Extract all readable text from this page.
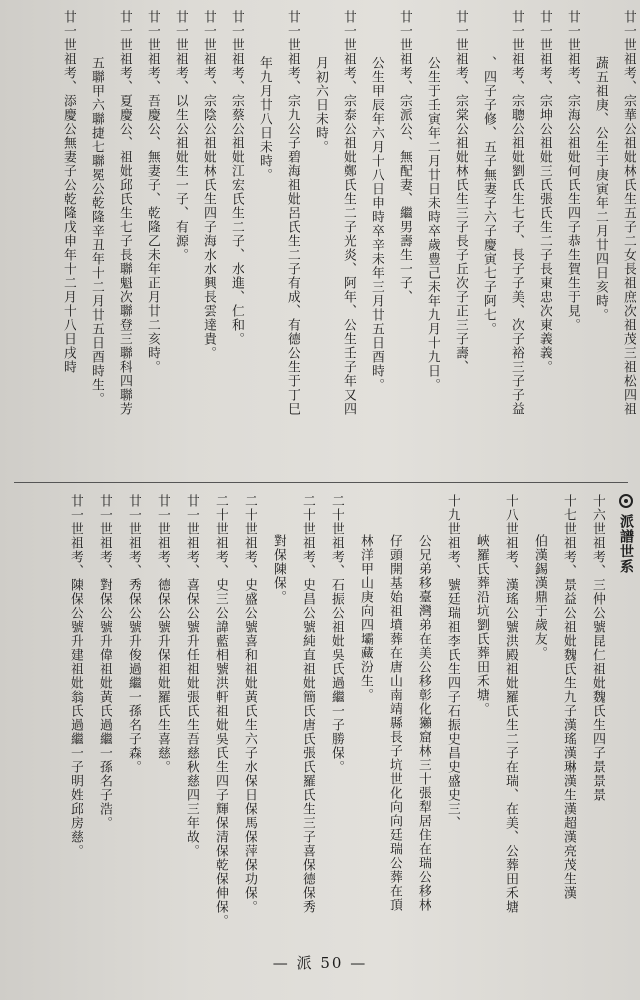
廿一世祖考、宗華公祖妣林氏生五子二女長祖庶次祖茂三祖松四祖
蔬五祖庚、公生于庚寅年二月廿四日亥時。
廿一世祖考、宗海公祖妣何氏生四子恭生賀生于見。
廿一世祖考、宗坤公祖妣三氏張氏生二子長東忠次東義義。
廿一世祖考、宗聰公祖妣劉氏生七子、長子子美、次子裕三子子益
、四子子修、五子無妻子六子慶寅七子阿七。
廿一世祖考、宗棠公祖妣林氏生三子長子丘次子正三子壽、
公生于壬寅年二月廿日未時卒歲豊己未年九月十九日。
廿一世祖考、宗派公、無配妻、繼男壽生一子、
公生甲辰年六月十八日申時卒辛未年三月廿五日酉時。
廿一世祖考、宗泰公祖妣鄭氏生二子光炎、阿年、公生壬子年又四
月初六日未時。
廿一世祖考、宗九公子碧海祖妣呂氏生二子有成、有德公生于丁巳
年九月廿八日未時。
廿一世祖考、宗蔡公祖妣江宏氏生二子、水進、仁和。
廿一世祖考、宗陰公祖妣林氏生四子海水水興長雲達貴。
廿一世祖考、以生公祖妣生一子、有源。
廿一世祖考、吾慶公、無妻子、乾隆乙未年正月廿二亥時。
廿一世祖考、夏慶公、祖妣邱氏生七子長聯魁次聯登三聯科四聯芳
五聯甲六聯捷七聯冕公乾隆辛丑年十二月廿五日酉時生。
廿一世祖考、添慶公無妻子公乾隆戊申年十二月十八日戌時
派譜世系
十六世祖考、三仲公號昆仁祖妣魏氏生四子景景景
十七世祖考、景益公祖妣魏氏生九子漢瑤漢琳漢生漢超漢亮茂生漢
伯漢錫漢鼎于歲友。
十八世祖考、漢瑤公號洪殿祖妣羅氏生二子在瑞、在美、公葬田禾塘
峽羅氏葬沿坑劉氏葬田禾塘。
十九世祖考、號廷瑞祖李氏生四子石振史昌史盛史三、
公兄弟移臺灣弟在美公移彰化獺窟林三十張犁居住在瑞公移林
仔頭開基始祖墳葬在唐山南靖縣長子坑世化向向廷瑞公葬在頂
林洋甲山庚向四壩藏汾生。
二十世祖考、石振公祖妣吳氏過繼一子勝保。
二十世祖考、史昌公號純直祖妣簡氏唐氏張氏羅氏生三子喜保德保秀
對保陳保。
二十世祖考、史盛公號喜和祖妣黃氏生六子水保日保馬保萍保功保。
二十世祖考、史三公諱藍相號洪軒祖妣吳氏生四子輝保清保乾保伸保。
廿一世祖考、喜保公號升任祖妣張氏生吾慈秋慈四三年故。
廿一世祖考、德保公號升保祖妣羅氏生喜慈。
廿一世祖考、秀保公號升俊過繼一孫名子森。
廿一世祖考、對保公號升偉祖妣黃氏過繼一孫名子浩。
廿一世祖考、陳保公號升建祖妣翁氏過繼一子明姓邱房慈。
— 派 50 —
